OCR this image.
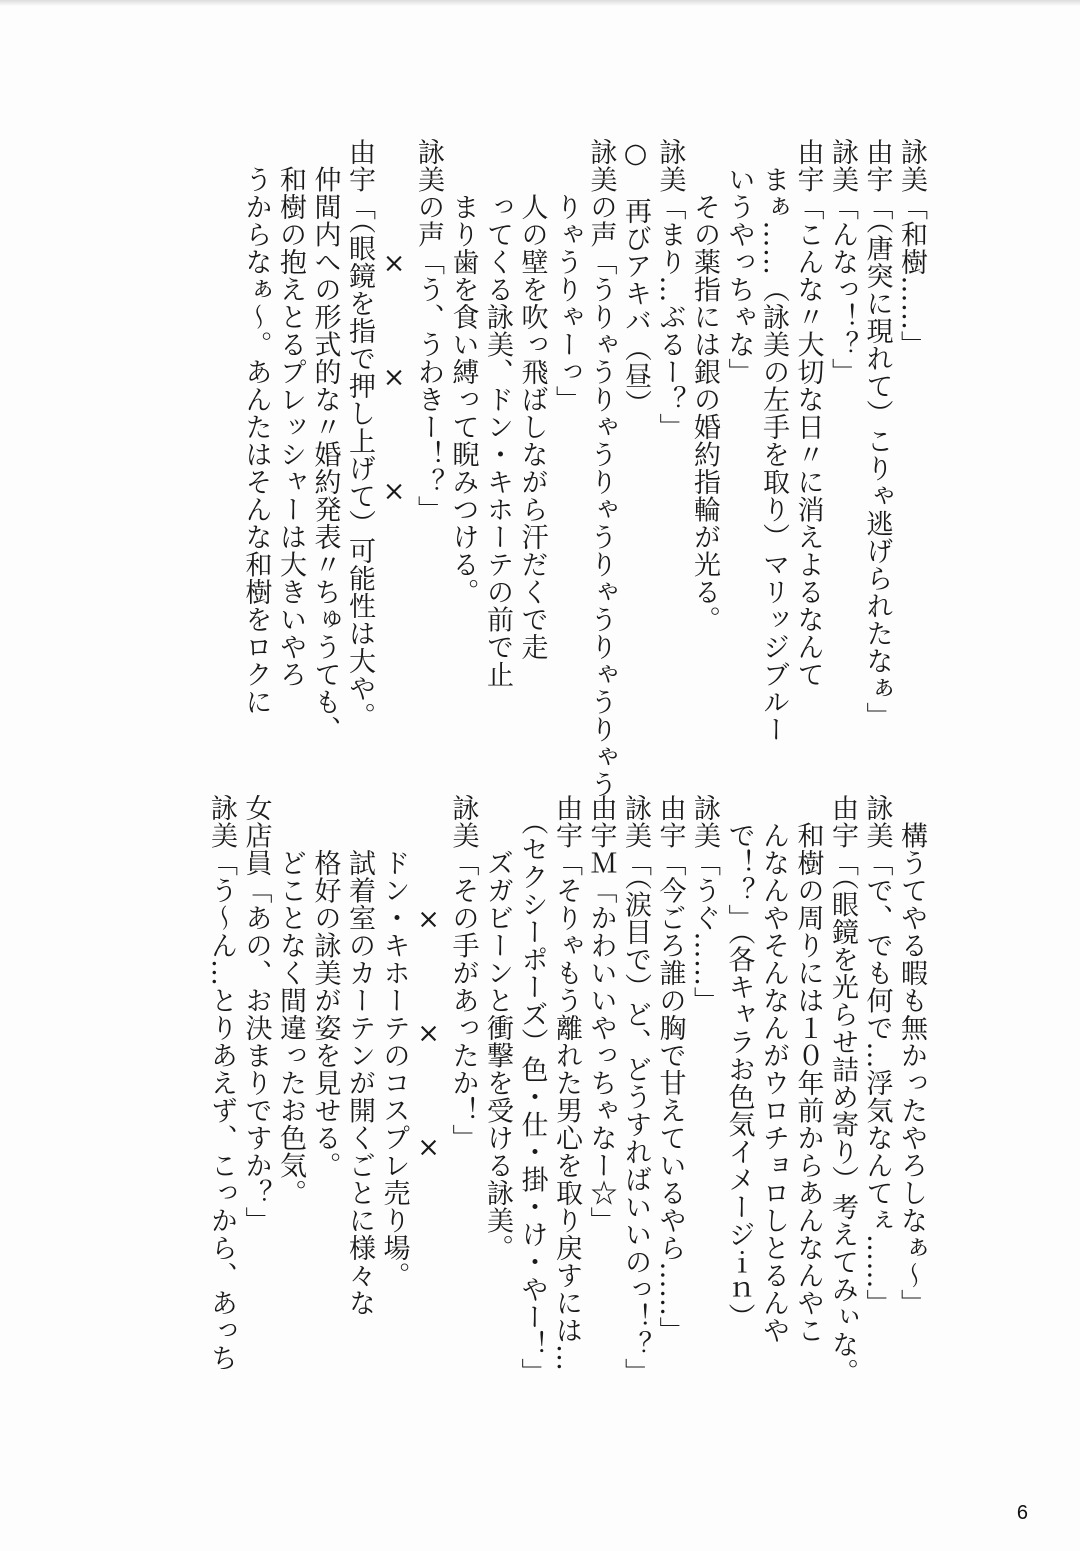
詠美「和樹……」
由宇「（唐突に現れて）こりゃ逃げられたなぁ」
詠美「んなっ！？」
由宇「こんな〃大切な日〃に消えよるなんて
　まぁ……（詠美の左手を取り）マリッジブルー
　いうやっちゃな」
　　その薬指には銀の婚約指輪が光る。
詠美「まり…ぶるー？」
○　再びアキバ（昼）
詠美の声「うりゃうりゃうりゃうりゃうりゃうりゃう
　　りゃうりゃーっ」
　　人の壁を吹っ飛ばしながら汗だくで走
　　ってくる詠美、ドン・キホーテの前で止
　　まり歯を食い縛って睨みつける。
詠美の声「う、うわきー！？」
　　　　×　　　×　　　×
由宇「（眼鏡を指で押し上げて）可能性は大や。
　仲間内への形式的な〃婚約発表〃ちゅうても、
　和樹の抱えとるプレッシャーは大きいやろ
　うからなぁ〜。あんたはそんな和樹をロクに
　構うてやる暇も無かったやろしなぁ〜」
詠美「で、でも何で…浮気なんてぇ……」
由宇「（眼鏡を光らせ詰め寄り）考えてみぃな。
　和樹の周りには１０年前からあんなんやこ
　んなんやそんなんがウロチョロしとるんや
　で！？」（各キャラお色気イメージｉｎ）
詠美「うぐ……」
由宇「今ごろ誰の胸で甘えているやら……」
詠美「（涙目で）ど、どうすればいいのっ！？」
由宇Ｍ「かわいいやっちゃなー☆」
由宇「そりゃもう離れた男心を取り戻すには…
　（セクシーポーズ）色・仕・掛・け・やー！」
　　ズガビーンと衝撃を受ける詠美。
詠美「その手があったか！」
　　　　×　　　×　　　×
　　ドン・キホーテのコスプレ売り場。
　　試着室のカーテンが開くごとに様々な
　　格好の詠美が姿を見せる。
　　どことなく間違ったお色気。
女店員「あの、お決まりですか？」
詠美「う〜ん…とりあえず、こっから、あっち
6
